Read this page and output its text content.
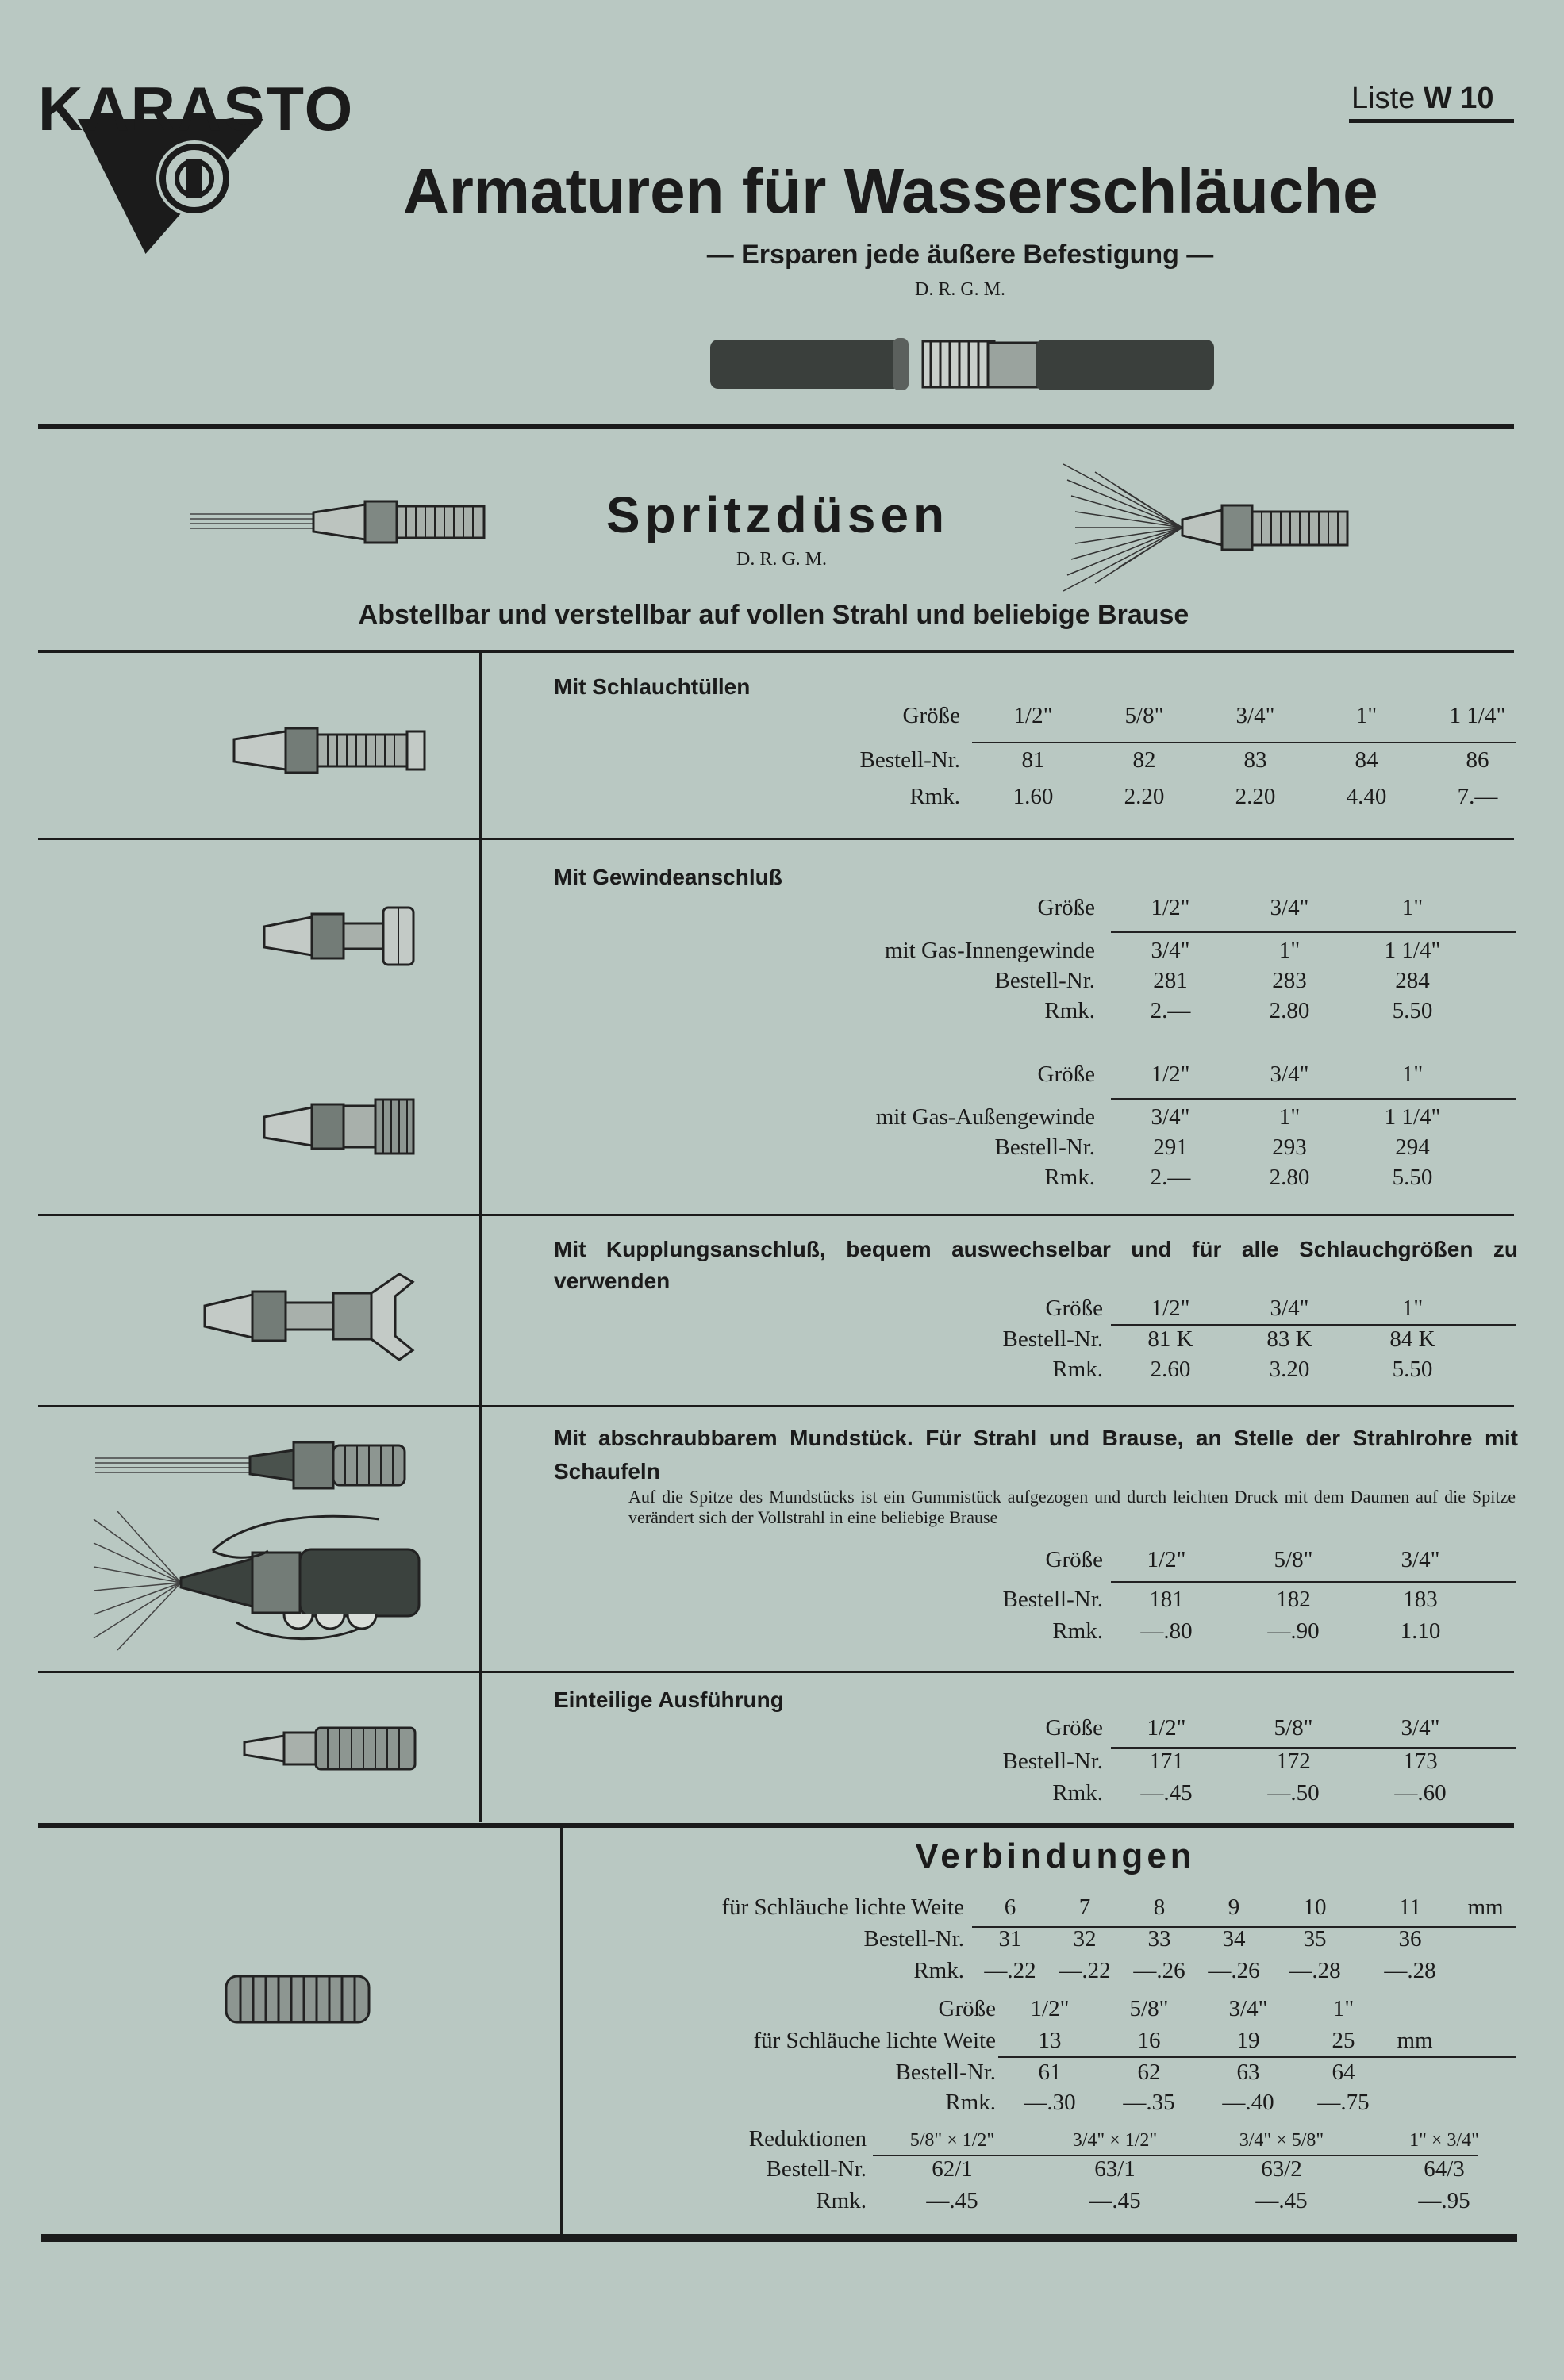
KARASTO	Liste W 10
Armaturen für Wasserschläuche
— Ersparen jede äußere Befestigung —
D. R. G. M.
Spritzdüsen
D. R. G. M.
Abstellbar und verstellbar auf vollen Strahl und beliebige Brause
Mit Schlauchtüllen
Größe	1/2"	5/8"	3/4"	1"	1 1/4"
Bestell-Nr.	81	82	83	84	86
Rmk.	1.60	2.20	2.20	4.40	7.—
Mit Gewindeanschluß
Größe	1/2"	3/4"	1"
mit Gas-Innengewinde	3/4"	1"	1 1/4"
Bestell-Nr.	281	283	284
Rmk.	2.—	2.80	5.50
Größe	1/2"	3/4"	1"
mit Gas-Außengewinde	3/4"	1"	1 1/4"
Bestell-Nr.	291	293	294
Rmk.	2.—	2.80	5.50
Mit Kupplungsanschluß, bequem auswechselbar und für alle Schlauchgrößen zu verwenden
Größe	1/2"	3/4"	1"
Bestell-Nr.	81 K	83 K	84 K
Rmk.	2.60	3.20	5.50
Mit abschraubbarem Mundstück. Für Strahl und Brause, an Stelle der Strahlrohre mit Schaufeln
Auf die Spitze des Mundstücks ist ein Gummistück aufgezogen und durch leichten Druck mit dem Daumen auf die Spitze verändert sich der Vollstrahl in eine beliebige Brause
Größe	1/2"	5/8"	3/4"
Bestell-Nr.	181	182	183
Rmk.	—.80	—.90	1.10
Einteilige Ausführung
Größe	1/2"	5/8"	3/4"
Bestell-Nr.	171	172	173
Rmk.	—.45	—.50	—.60
Verbindungen
für Schläuche lichte Weite	6	7	8	9	10	11	mm
Bestell-Nr.	31	32	33	34	35	36
Rmk. —.22 —.22 —.26 —.26	—.28	—.28
Größe	1/2"	5/8"	3/4"	1"
für Schläuche lichte Weite	13	16	19	25	mm
Bestell-Nr.	61	62	63	64
Rmk.	—.30	—.35	—.40	—.75
Reduktionen	5/8" × 1/2"	3/4" × 1/2"	3/4" × 5/8"	1" × 3/4"
Bestell-Nr.	62/1	63/1	63/2	64/3
Rmk.	—.45	—.45	—.45	—.95
